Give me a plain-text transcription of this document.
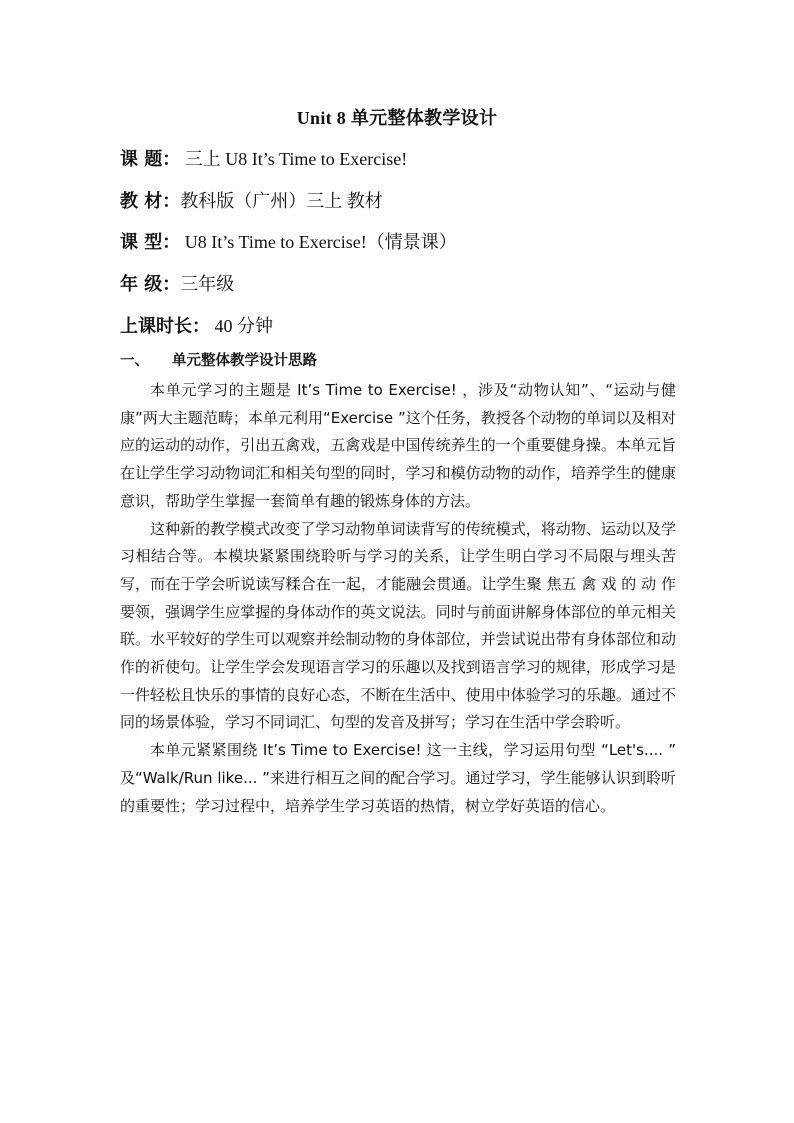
Unit 8 单元整体教学设计
课 题： 三上 U8 It’s Time to Exercise!
教 材：教科版（广州）三上 教材
课 型： U8 It’s Time to Exercise!（情景课）
年 级：三年级
上课时长： 40 分钟
一、 单元整体教学设计思路

本单元学习的主题是 It’s Time to Exercise! ，涉及“动物认知”、“运动与健康”两大主题范畴；本单元利用“Exercise ”这个任务，教授各个动物的单词以及相对应的运动的动作，引出五禽戏，五禽戏是中国传统养生的一个重要健身操。本单元旨在让学生学习动物词汇和相关句型的同时，学习和模仿动物的动作，培养学生的健康意识，帮助学生掌握一套简单有趣的锻炼身体的方法。

这种新的教学模式改变了学习动物单词读背写的传统模式，将动物、运动以及学习相结合等。本模块紧紧围绕聆听与学习的关系，让学生明白学习不局限与埋头苦写，而在于学会听说读写糅合在一起，才能融会贯通。让学生聚 焦五 禽 戏 的 动 作要领，强调学生应掌握的身体动作的英文说法。同时与前面讲解身体部位的单元相关联。水平较好的学生可以观察并绘制动物的身体部位，并尝试说出带有身体部位和动作的祈使句。让学生学会发现语言学习的乐趣以及找到语言学习的规律，形成学习是一件轻松且快乐的事情的良好心态，不断在生活中、使用中体验学习的乐趣。通过不同的场景体验，学习不同词汇、句型的发音及拼写；学习在生活中学会聆听。

本单元紧紧围绕 It’s Time to Exercise! 这一主线，学习运用句型 “Let's.... ” 及“Walk/Run like... ”来进行相互之间的配合学习。通过学习，学生能够认识到聆听的重要性；学习过程中，培养学生学习英语的热情，树立学好英语的信心。
